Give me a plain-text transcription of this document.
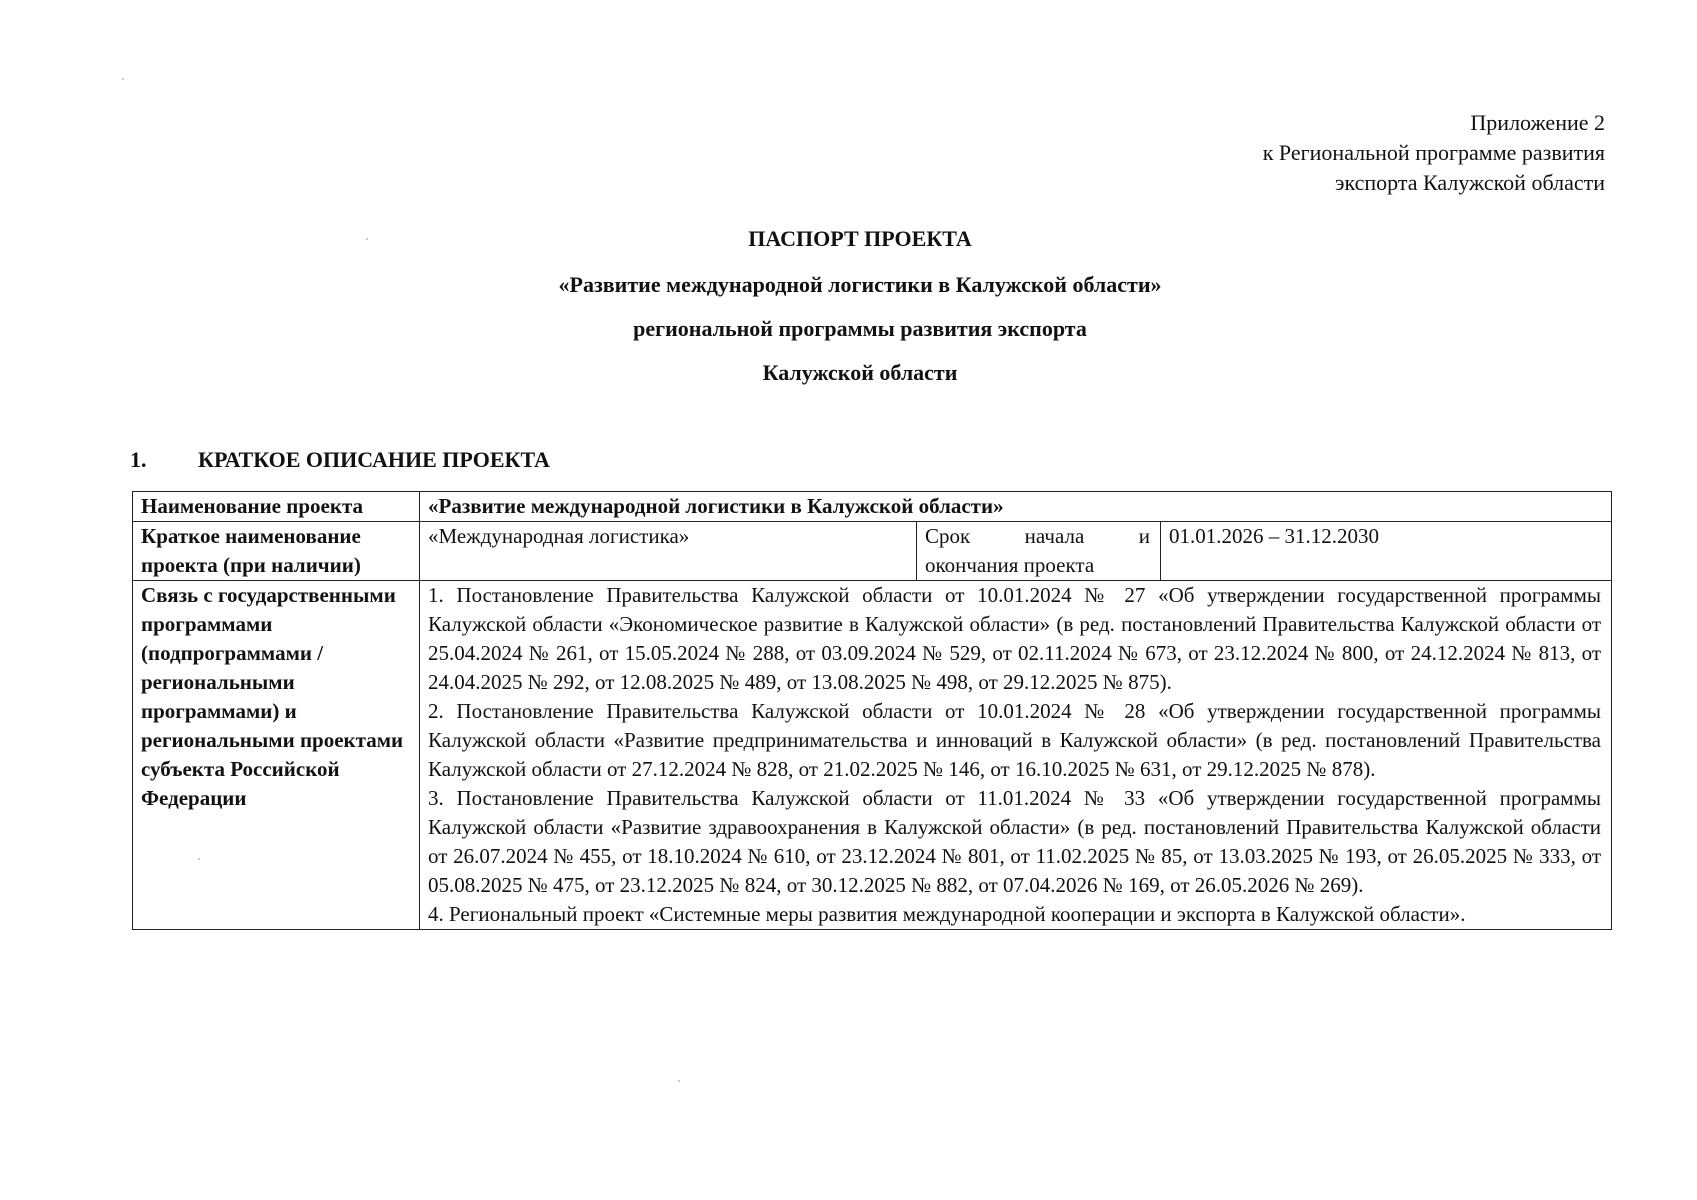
Приложение 2
к Региональной программе развития
экспорта Калужской области
ПАСПОРТ ПРОЕКТА
«Развитие международной логистики в Калужской области»
региональной программы развития экспорта
Калужской области
1. КРАТКОЕ ОПИСАНИЕ ПРОЕКТА
Наименование проекта	«Развитие международной логистики в Калужской области»		
Краткое наименование проекта (при наличии)	«Международная логистика»	Срок начала и окончания проекта	01.01.2026 – 31.12.2030
Связь с государственными программами (подпрограммами / региональными программами) и региональными проектами субъекта Российской Федерации	1. Постановление Правительства Калужской области от 10.01.2024 № 27 «Об утверждении государственной программы Калужской области «Экономическое развитие в Калужской области» (в ред. постановлений Правительства Калужской области от 25.04.2024 № 261, от 15.05.2024 № 288, от 03.09.2024 № 529, от 02.11.2024 № 673, от 23.12.2024 № 800, от 24.12.2024 № 813, от 24.04.2025 № 292, от 12.08.2025 № 489, от 13.08.2025 № 498, от 29.12.2025 № 875).
2. Постановление Правительства Калужской области от 10.01.2024 № 28 «Об утверждении государственной программы Калужской области «Развитие предпринимательства и инноваций в Калужской области» (в ред. постановлений Правительства Калужской области от 27.12.2024 № 828, от 21.02.2025 № 146, от 16.10.2025 № 631, от 29.12.2025 № 878).
3. Постановление Правительства Калужской области от 11.01.2024 № 33 «Об утверждении государственной программы Калужской области «Развитие здравоохранения в Калужской области» (в ред. постановлений Правительства Калужской области от 26.07.2024 № 455, от 18.10.2024 № 610, от 23.12.2024 № 801, от 11.02.2025 № 85, от 13.03.2025 № 193, от 26.05.2025 № 333, от 05.08.2025 № 475, от 23.12.2025 № 824, от 30.12.2025 № 882, от 07.04.2026 № 169, от 26.05.2026 № 269).
4. Региональный проект «Системные меры развития международной кооперации и экспорта в Калужской области».		
